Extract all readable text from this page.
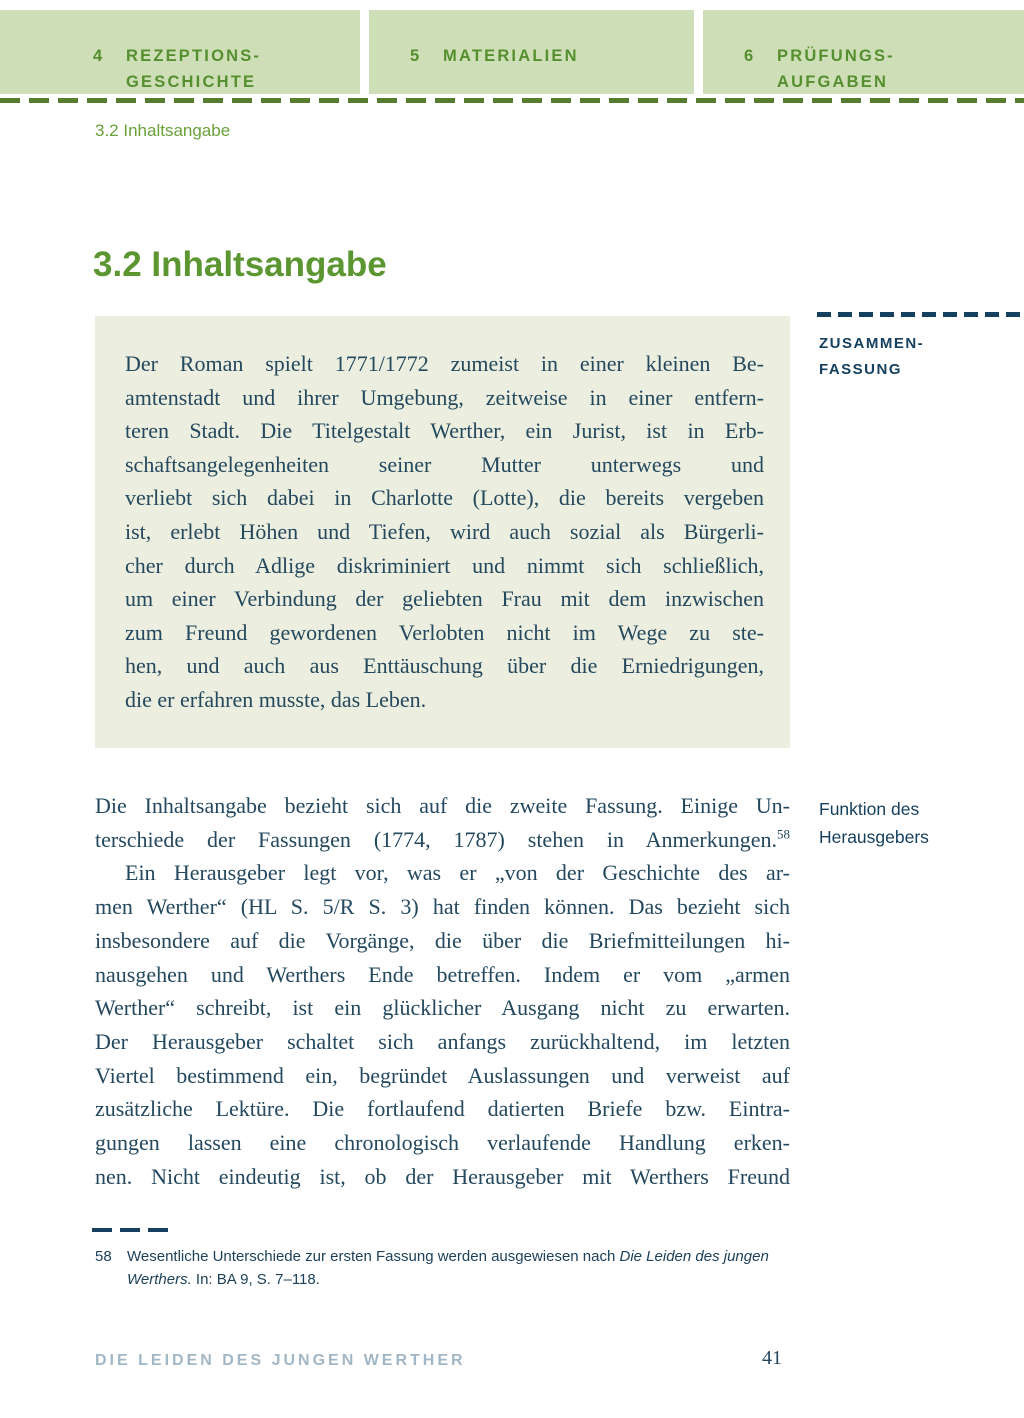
4	REZEPTIONS-
GESCHICHTE
5	MATERIALIEN	6	PRÜFUNGS-
AUFGABEN
3.2 Inhaltsangabe
3.2 Inhaltsangabe
Der Roman spielt 1771/1772 zumeist in einer kleinen Be-
amtenstadt und ihrer Umgebung, zeitweise in einer entfern-
teren Stadt. Die Titelgestalt Werther, ein Jurist, ist in Erb-
schaftsangelegenheiten seiner Mutter unterwegs und
verliebt sich dabei in Charlotte (Lotte), die bereits vergeben
ist, erlebt Höhen und Tiefen, wird auch sozial als Bürgerli-
cher durch Adlige diskriminiert und nimmt sich schließlich,
um einer Verbindung der geliebten Frau mit dem inzwischen
zum Freund gewordenen Verlobten nicht im Wege zu ste-
hen, und auch aus Enttäuschung über die Erniedrigungen,
die er erfahren musste, das Leben.
ZUSAMMEN-
FASSUNG
Die Inhaltsangabe bezieht sich auf die zweite Fassung. Einige Un-
terschiede der Fassungen (1774, 1787) stehen in Anmerkungen.$^{58}$
Ein Herausgeber legt vor, was er „von der Geschichte des ar-
men Werther“ (HL S. 5/R S. 3) hat finden können. Das bezieht sich
insbesondere auf die Vorgänge, die über die Briefmitteilungen hi-
nausgehen und Werthers Ende betreffen. Indem er vom „armen
Werther“ schreibt, ist ein glücklicher Ausgang nicht zu erwarten.
Der Herausgeber schaltet sich anfangs zurückhaltend, im letzten
Viertel bestimmend ein, begründet Auslassungen und verweist auf
zusätzliche Lektüre. Die fortlaufend datierten Briefe bzw. Eintra-
gungen lassen eine chronologisch verlaufende Handlung erken-
nen. Nicht eindeutig ist, ob der Herausgeber mit Werthers Freund
Funktion des
Herausgebers
58	Wesentliche Unterschiede zur ersten Fassung werden ausgewiesen nach Die Leiden des jungen
Werthers. In: BA 9, S. 7–118.
DIE LEIDEN DES JUNGEN WERTHER	41
